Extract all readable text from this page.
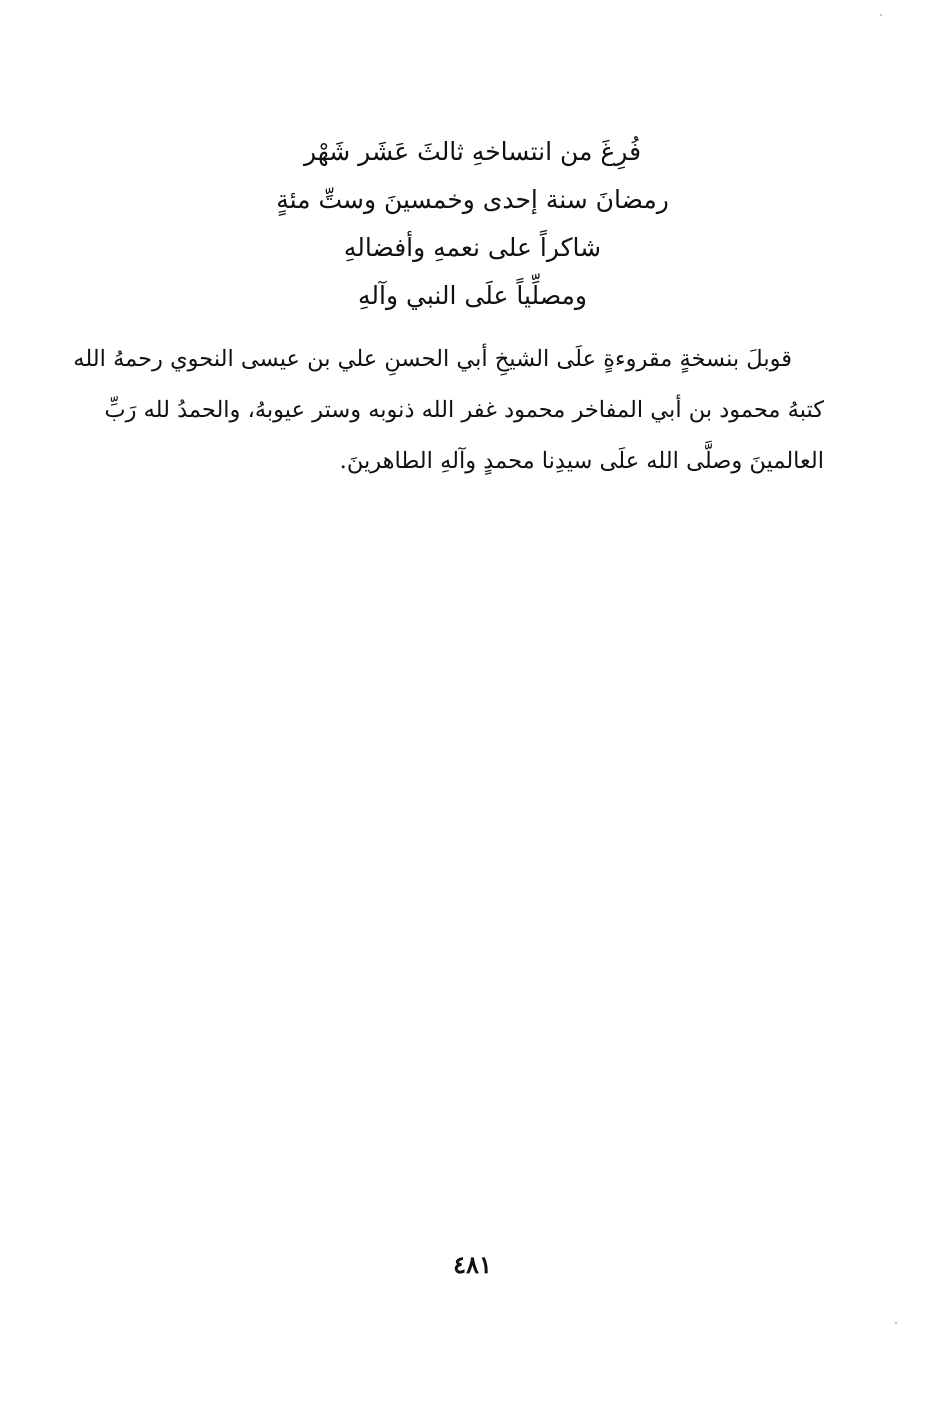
فُرِغَ من انتساخهِ ثالثَ عَشَر شَهْر
رمضانَ سنة إحدى وخمسينَ وستِّ مئةٍ
شاكراً على نعمهِ وأفضالهِ
ومصلِّياً علَى النبي وآلهِ
قوبلَ بنسخةٍ مقروءةٍ علَى الشيخِ أبي الحسنِ علي بن عيسى النحوي رحمهُ الله
كتبهُ محمود بن أبي المفاخر محمود غفر الله ذنوبه وستر عيوبهُ، والحمدُ لله رَبِّ
العالمينَ وصلَّى الله علَى سيدِنا محمدٍ وآلهِ الطاهرينَ.
٤٨١
